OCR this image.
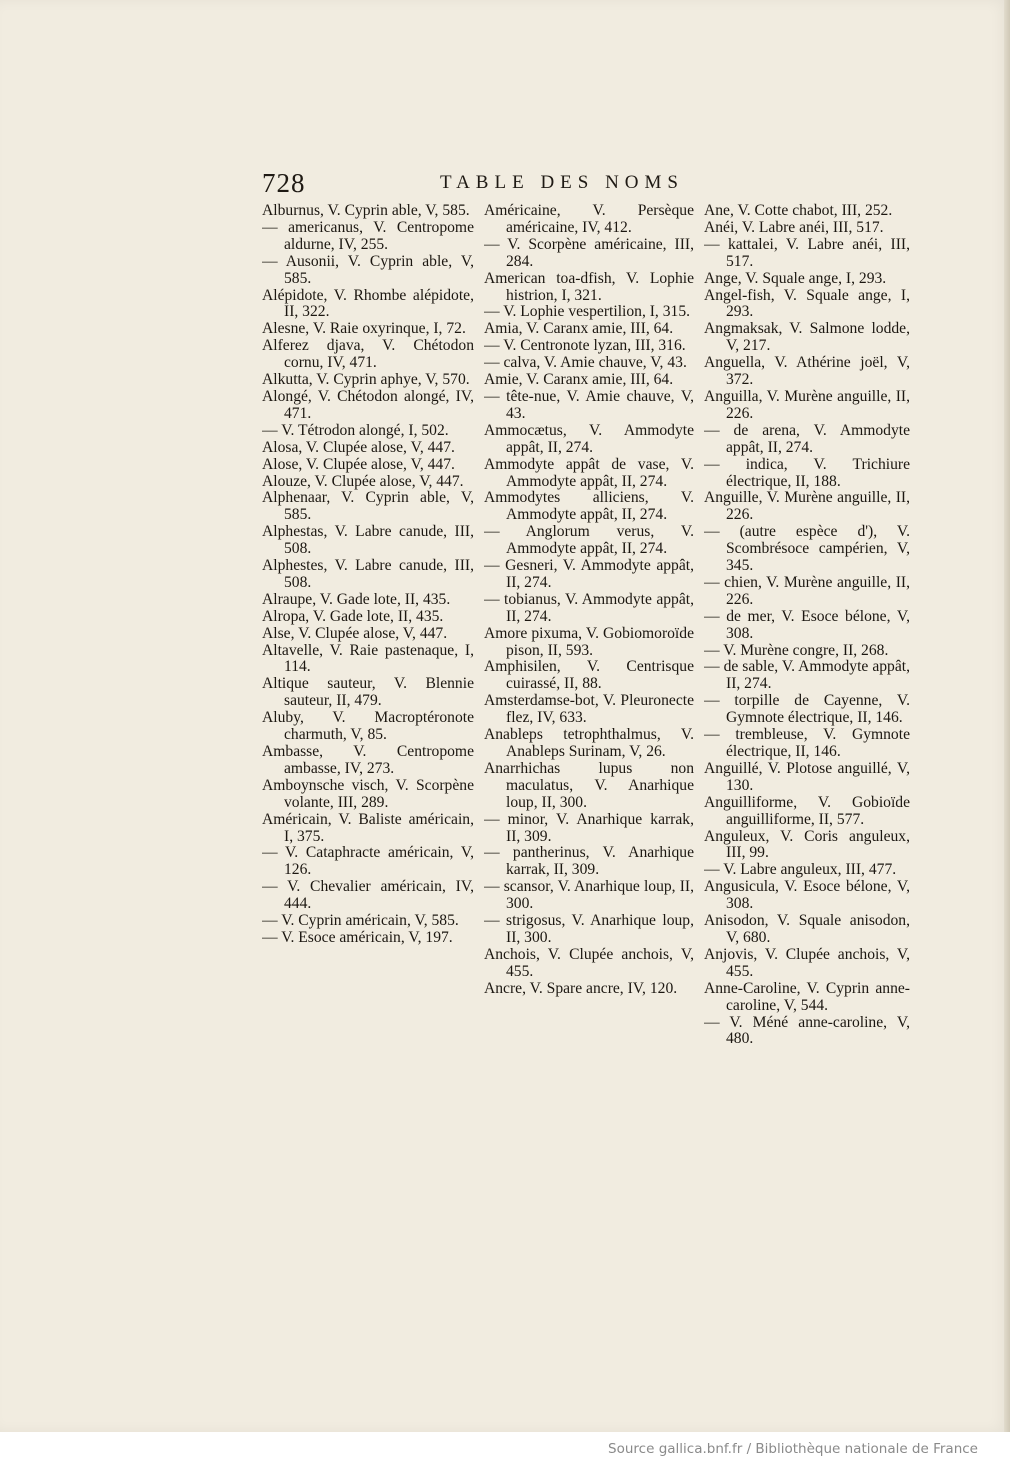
728	TABLE DES NOMS

Alburnus, V. Cyprin able, V, 585.

— americanus, V. Centropome aldurne, IV, 255.

— Ausonii, V. Cyprin able, V, 585.

Alépidote, V. Rhombe alépidote, II, 322.

Alesne, V. Raie oxyrinque, I, 72.

Alferez djava, V. Chétodon cornu, IV, 471.

Alkutta, V. Cyprin aphye, V, 570.

Alongé, V. Chétodon alongé, IV, 471.

— V. Tétrodon alongé, I, 502.

Alosa, V. Clupée alose, V, 447.

Alose, V. Clupée alose, V, 447.

Alouze, V. Clupée alose, V, 447.

Alphenaar, V. Cyprin able, V, 585.

Alphestas, V. Labre canude, III, 508.

Alphestes, V. Labre canude, III, 508.

Alraupe, V. Gade lote, II, 435.

Alropa, V. Gade lote, II, 435.

Alse, V. Clupée alose, V, 447.

Altavelle, V. Raie pastenaque, I, 114.

Altique sauteur, V. Blennie sauteur, II, 479.

Aluby, V. Macroptéronote charmuth, V, 85.

Ambasse, V. Centropome ambasse, IV, 273.

Amboynsche visch, V. Scorpène volante, III, 289.

Américain, V. Baliste américain, I, 375.

— V. Cataphracte américain, V, 126.

— V. Chevalier américain, IV, 444.

— V. Cyprin américain, V, 585.

— V. Esoce américain, V, 197.

Américaine, V. Persèque américaine, IV, 412.

— V. Scorpène américaine, III, 284.

American toa-dfish, V. Lophie histrion, I, 321.

— V. Lophie vespertilion, I, 315.

Amia, V. Caranx amie, III, 64.

— V. Centronote lyzan, III, 316.

— calva, V. Amie chauve, V, 43.

Amie, V. Caranx amie, III, 64.

— tête-nue, V. Amie chauve, V, 43.

Ammocætus, V. Ammodyte appât, II, 274.

Ammodyte appât de vase, V. Ammodyte appât, II, 274.

Ammodytes alliciens, V. Ammodyte appât, II, 274.

— Anglorum verus, V. Ammodyte appât, II, 274.

— Gesneri, V. Ammodyte appât, II, 274.

— tobianus, V. Ammodyte appât, II, 274.

Amore pixuma, V. Gobiomoroïde pison, II, 593.

Amphisilen, V. Centrisque cuirassé, II, 88.

Amsterdamse-bot, V. Pleuronecte flez, IV, 633.

Anableps tetrophthalmus, V. Anableps Surinam, V, 26.

Anarrhichas lupus non maculatus, V. Anarhique loup, II, 300.

— minor, V. Anarhique karrak, II, 309.

— pantherinus, V. Anarhique karrak, II, 309.

— scansor, V. Anarhique loup, II, 300.

— strigosus, V. Anarhique loup, II, 300.

Anchois, V. Clupée anchois, V, 455.

Ancre, V. Spare ancre, IV, 120.

Ane, V. Cotte chabot, III, 252.

Anéi, V. Labre anéi, III, 517.

— kattalei, V. Labre anéi, III, 517.

Ange, V. Squale ange, I, 293.

Angel-fish, V. Squale ange, I, 293.

Angmaksak, V. Salmone lodde, V, 217.

Anguella, V. Athérine joël, V, 372.

Anguilla, V. Murène anguille, II, 226.

— de arena, V. Ammodyte appât, II, 274.

— indica, V. Trichiure électrique, II, 188.

Anguille, V. Murène anguille, II, 226.

— (autre espèce d'), V. Scombrésoce campérien, V, 345.

— chien, V. Murène anguille, II, 226.

— de mer, V. Esoce bélone, V, 308.

— V. Murène congre, II, 268.

— de sable, V. Ammodyte appât, II, 274.

— torpille de Cayenne, V. Gymnote électrique, II, 146.

— trembleuse, V. Gymnote électrique, II, 146.

Anguillé, V. Plotose anguillé, V, 130.

Anguilliforme, V. Gobioïde anguilliforme, II, 577.

Anguleux, V. Coris anguleux, III, 99.

— V. Labre anguleux, III, 477.

Angusicula, V. Esoce bélone, V, 308.

Anisodon, V. Squale anisodon, V, 680.

Anjovis, V. Clupée anchois, V, 455.

Anne-Caroline, V. Cyprin anne-caroline, V, 544.

— V. Méné anne-caroline, V, 480.

Source gallica.bnf.fr / Bibliothèque nationale de France
